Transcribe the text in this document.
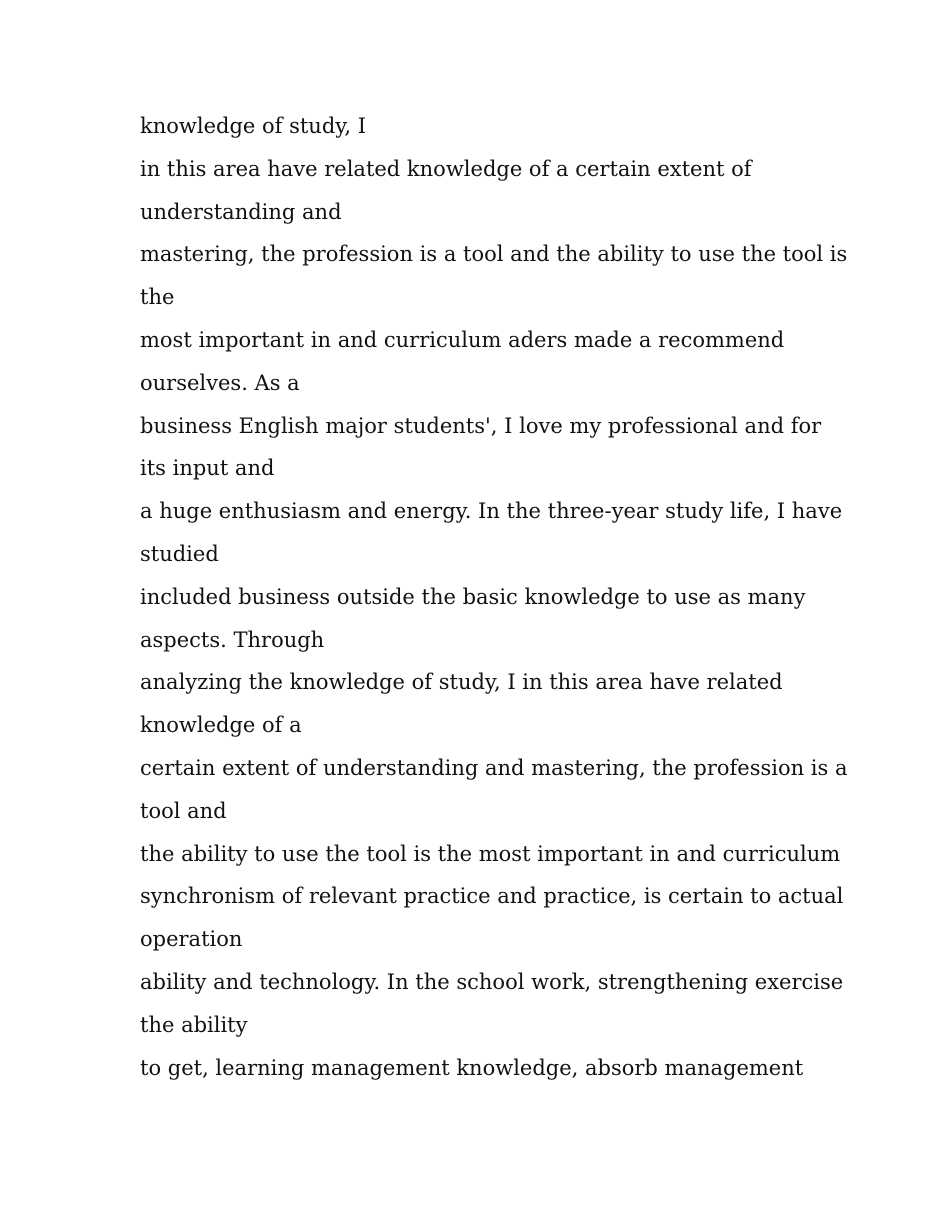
knowledge of study, I
in this area have related knowledge of a certain extent of
understanding and
mastering, the profession is a tool and the ability to use the tool is
the
most important in and curriculum aders made a recommend
ourselves. As a
business English major students', I love my professional and for
its input and
a huge enthusiasm and energy. In the three-year study life, I have
studied
included business outside the basic knowledge to use as many
aspects. Through
analyzing the knowledge of study, I in this area have related
knowledge of a
certain extent of understanding and mastering, the profession is a
tool and
the ability to use the tool is the most important in and curriculum
synchronism of relevant practice and practice, is certain to actual
operation
ability and technology. In the school work, strengthening exercise
the ability
to get, learning management knowledge, absorb management
